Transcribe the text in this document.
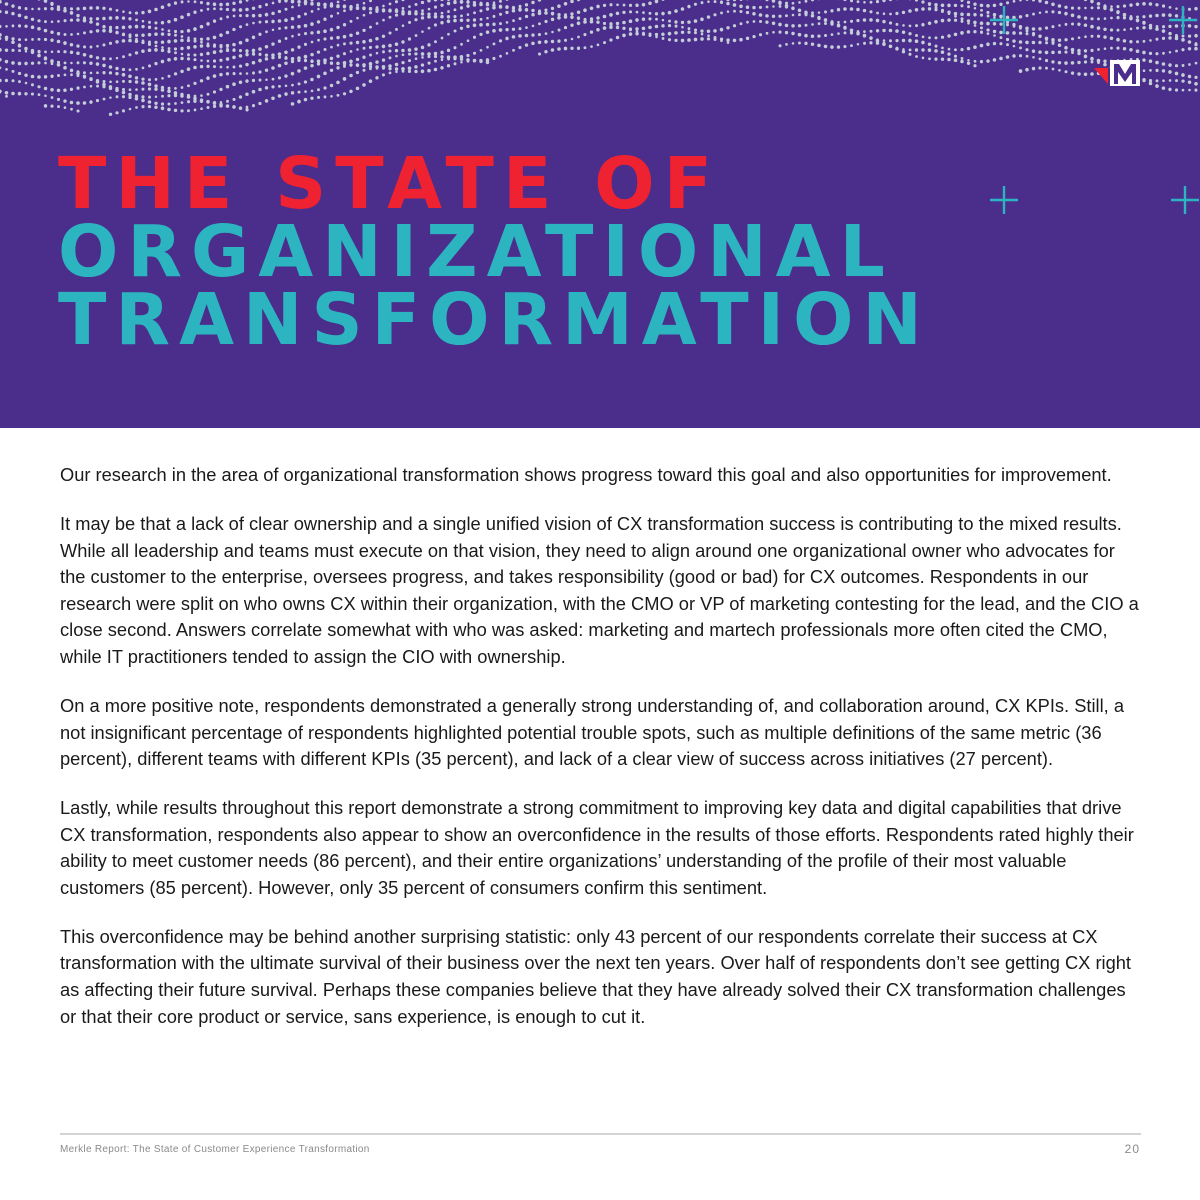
THE STATE OF
ORGANIZATIONAL
TRANSFORMATION

Our research in the area of organizational transformation shows progress toward this goal and also opportunities for improvement.

It may be that a lack of clear ownership and a single unified vision of CX transformation success is contributing to the mixed results. While all leadership and teams must execute on that vision, they need to align around one organizational owner who advocates for the customer to the enterprise, oversees progress, and takes responsibility (good or bad) for CX outcomes. Respondents in our research were split on who owns CX within their organization, with the CMO or VP of marketing contesting for the lead, and the CIO a close second. Answers correlate somewhat with who was asked: marketing and martech professionals more often cited the CMO, while IT practitioners tended to assign the CIO with ownership.

On a more positive note, respondents demonstrated a generally strong understanding of, and collaboration around, CX KPIs. Still, a not insignificant percentage of respondents highlighted potential trouble spots, such as multiple definitions of the same metric (36 percent), different teams with different KPIs (35 percent), and lack of a clear view of success across initiatives (27 percent).

Lastly, while results throughout this report demonstrate a strong commitment to improving key data and digital capabilities that drive CX transformation, respondents also appear to show an overconfidence in the results of those efforts. Respondents rated highly their ability to meet customer needs (86 percent), and their entire organizations’ understanding of the profile of their most valuable customers (85 percent). However, only 35 percent of consumers confirm this sentiment.

This overconfidence may be behind another surprising statistic: only 43 percent of our respondents correlate their success at CX transformation with the ultimate survival of their business over the next ten years. Over half of respondents don’t see getting CX right as affecting their future survival. Perhaps these companies believe that they have already solved their CX transformation challenges or that their core product or service, sans experience, is enough to cut it.

Merkle Report: The State of Customer Experience Transformation	20
